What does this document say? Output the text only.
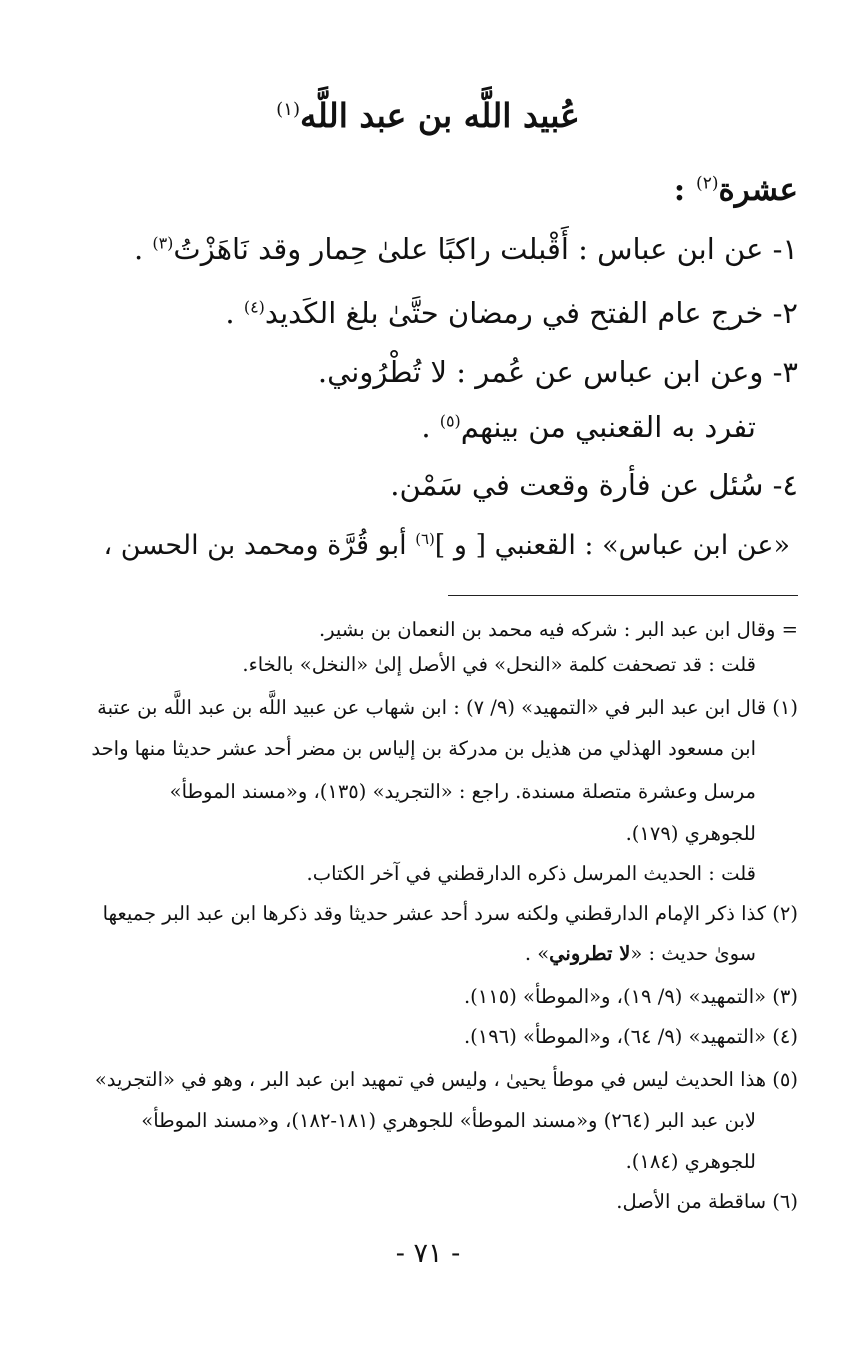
عُبيد اللَّه بن عبد اللَّه$^{(١)}$
عشرة$^{(٢)}$ :
١- عن ابن عباس : أَقْبلت راكبًا علىٰ حِمار وقد نَاهَزْتُ$^{(٣)}$ .
٢- خرج عام الفتح في رمضان حتَّىٰ بلغ الكَديد$^{(٤)}$ .
٣- وعن ابن عباس عن عُمر : لا تُطْرُوني.
تفرد به القعنبي من بينهم$^{(٥)}$ .
٤- سُئل عن فأرة وقعت في سَمْن.
«عن ابن عباس» : القعنبي [ و ]$^{(٦)}$ أبو قُرَّة ومحمد بن الحسن ،
= وقال ابن عبد البر : شركه فيه محمد بن النعمان بن بشير.
قلت : قد تصحفت كلمة «النحل» في الأصل إلىٰ «النخل» بالخاء.
(١) قال ابن عبد البر في «التمهيد» (٩/ ٧) : ابن شهاب عن عبيد اللَّه بن عبد اللَّه بن عتبة
ابن مسعود الهذلي من هذيل بن مدركة بن إلياس بن مضر أحد عشر حديثا منها واحد
مرسل وعشرة متصلة مسندة. راجع : «التجريد» (١٣٥)، و«مسند الموطأ»
للجوهري (١٧٩).
قلت : الحديث المرسل ذكره الدارقطني في آخر الكتاب.
(٢) كذا ذكر الإمام الدارقطني ولكنه سرد أحد عشر حديثا وقد ذكرها ابن عبد البر جميعها
سوىٰ حديث : «لا تطروني» .
(٣) «التمهيد» (٩/ ١٩)، و«الموطأ» (١١٥).
(٤) «التمهيد» (٩/ ٦٤)، و«الموطأ» (١٩٦).
(٥) هذا الحديث ليس في موطأ يحيىٰ ، وليس في تمهيد ابن عبد البر ، وهو في «التجريد»
لابن عبد البر (٢٦٤) و«مسند الموطأ» للجوهري (١٨١-١٨٢)، و«مسند الموطأ»
للجوهري (١٨٤).
(٦) ساقطة من الأصل.
- ٧١ -
